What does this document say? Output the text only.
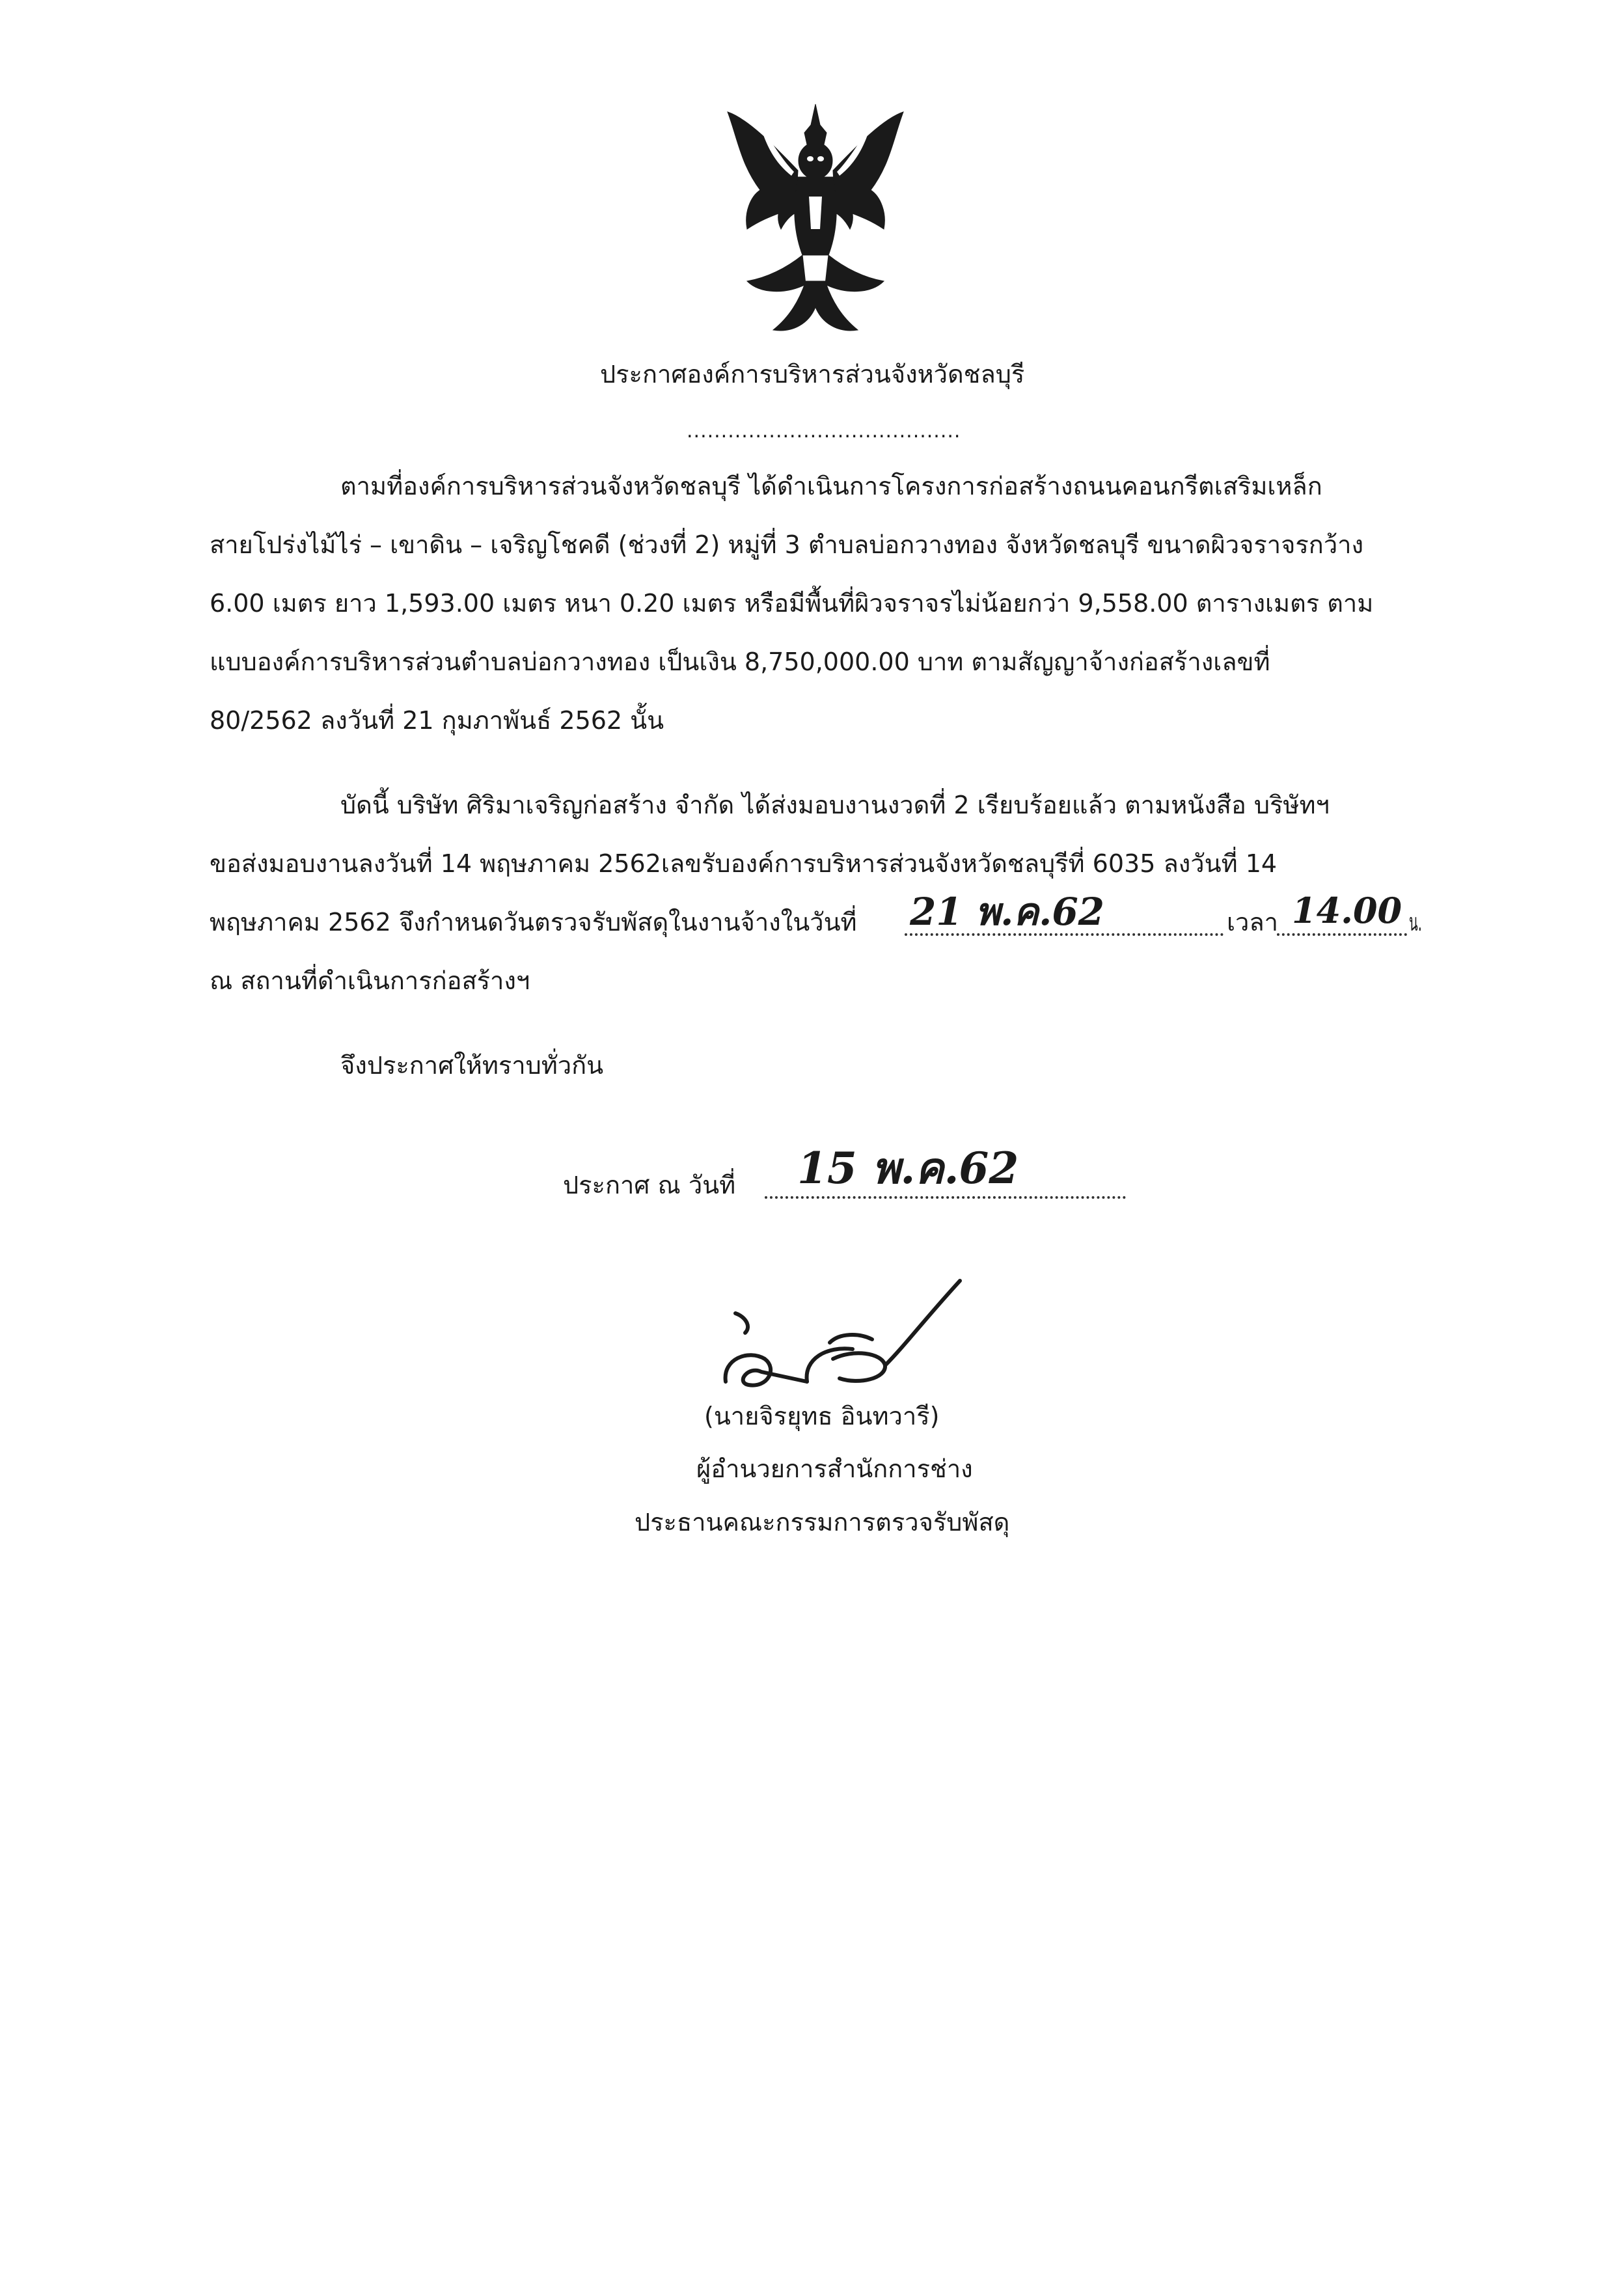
ประกาศองค์การบริหารส่วนจังหวัดชลบุรี
........................................
ตามที่องค์การบริหารส่วนจังหวัดชลบุรี ได้ดำเนินการโครงการก่อสร้างถนนคอนกรีตเสริมเหล็ก
สายโปร่งไม้ไร่ – เขาดิน – เจริญโชคดี (ช่วงที่ 2) หมู่ที่ 3 ตำบลบ่อกวางทอง จังหวัดชลบุรี ขนาดผิวจราจรกว้าง
6.00 เมตร ยาว 1,593.00 เมตร หนา 0.20 เมตร หรือมีพื้นที่ผิวจราจรไม่น้อยกว่า 9,558.00 ตารางเมตร ตาม
แบบองค์การบริหารส่วนตำบลบ่อกวางทอง เป็นเงิน 8,750,000.00 บาท ตามสัญญาจ้างก่อสร้างเลขที่
80/2562 ลงวันที่ 21 กุมภาพันธ์ 2562 นั้น
บัดนี้ บริษัท ศิริมาเจริญก่อสร้าง จำกัด ได้ส่งมอบงานงวดที่ 2 เรียบร้อยแล้ว ตามหนังสือ บริษัทฯ
ขอส่งมอบงานลงวันที่ 14 พฤษภาคม 2562เลขรับองค์การบริหารส่วนจังหวัดชลบุรีที่ 6035 ลงวันที่ 14
พฤษภาคม 2562 จึงกำหนดวันตรวจรับพัสดุในงานจ้างในวันที่ 21 พ.ค.62	เวลา 14.00 น.
ณ สถานที่ดำเนินการก่อสร้างฯ
จึงประกาศให้ทราบทั่วกัน
ประกาศ ณ วันที่ 15 พ.ค.62
(นายจิรยุทธ อินทวารี)
ผู้อำนวยการสำนักการช่าง
ประธานคณะกรรมการตรวจรับพัสดุ
